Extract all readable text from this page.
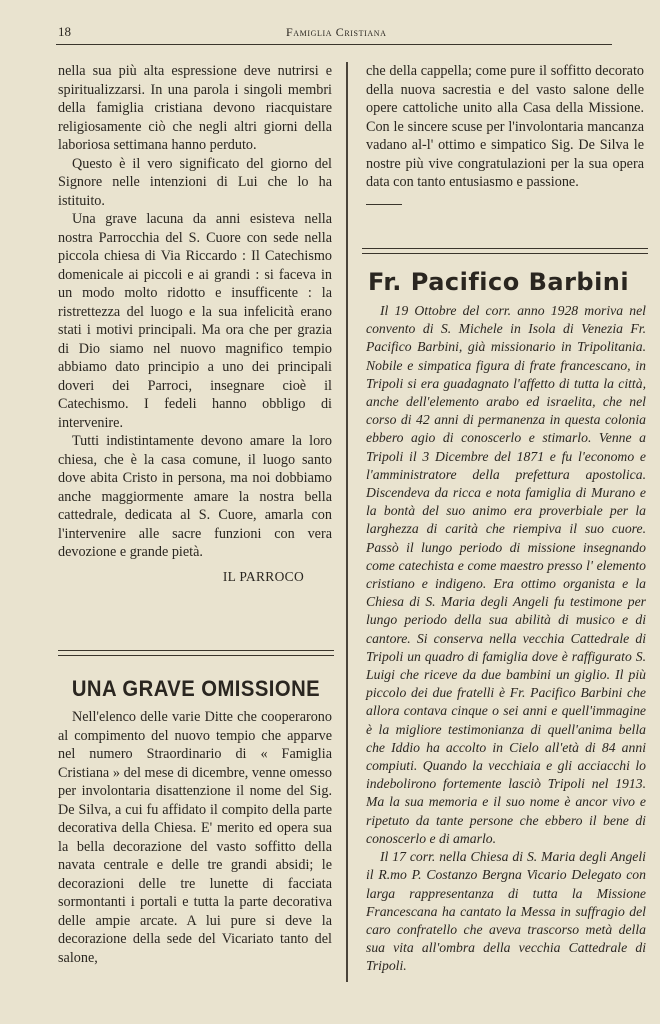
18	Famiglia Cristiana

nella sua più alta espressione deve nutrirsi e spiritualizzarsi. In una parola i singoli membri della famiglia cristiana devono riacquistare religiosamente ciò che negli altri giorni della laboriosa settimana hanno perduto.

Questo è il vero significato del giorno del Signore nelle intenzioni di Lui che lo ha istituito.

Una grave lacuna da anni esisteva nella nostra Parrocchia del S. Cuore con sede nella piccola chiesa di Via Riccardo : Il Catechismo domenicale ai piccoli e ai grandi : si faceva in un modo molto ridotto e insufficente : la ristrettezza del luogo e la sua infelicità erano stati i motivi principali. Ma ora che per grazia di Dio siamo nel nuovo magnifico tempio abbiamo dato principio a uno dei principali doveri dei Parroci, insegnare cioè il Catechismo. I fedeli hanno obbligo di intervenire.

Tutti indistintamente devono amare la loro chiesa, che è la casa comune, il luogo santo dove abita Cristo in persona, ma noi dobbiamo anche maggiormente amare la nostra bella cattedrale, dedicata al S. Cuore, amarla con l'intervenire alle sacre funzioni con vera devozione e grande pietà.

IL PARROCO
UNA GRAVE OMISSIONE

Nell'elenco delle varie Ditte che cooperarono al compimento del nuovo tempio che apparve nel numero Straordinario di « Famiglia Cristiana » del mese di dicembre, venne omesso per involontaria disattenzione il nome del Sig. De Silva, a cui fu affidato il compito della parte decorativa della Chiesa. E' merito ed opera sua la bella decorazione del vasto soffitto della navata centrale e delle tre grandi absidi; le decorazioni delle tre lunette di facciata sormontanti i portali e tutta la parte decorativa delle ampie arcate. A lui pure si deve la decorazione della sede del Vicariato tanto del salone,

che della cappella; come pure il soffitto decorato della nuova sacrestia e del vasto salone delle opere cattoliche unito alla Casa della Missione. Con le sincere scuse per l'involontaria mancanza vadano al-l' ottimo e simpatico Sig. De Silva le nostre più vive congratulazioni per la sua opera data con tanto entusiasmo e passione.

Fr. Pacifico Barbini

Il 19 Ottobre del corr. anno 1928 moriva nel convento di S. Michele in Isola di Venezia Fr. Pacifico Barbini, già missionario in Tripolitania. Nobile e simpatica figura di frate francescano, in Tripoli si era guadagnato l'affetto di tutta la città, anche dell'elemento arabo ed israelita, che nel corso di 42 anni di permanenza in questa colonia ebbero agio di conoscerlo e stimarlo. Venne a Tripoli il 3 Dicembre del 1871 e fu l'economo e l'amministratore della prefettura apostolica. Discendeva da ricca e nota famiglia di Murano e la bontà del suo animo era proverbiale per la larghezza di carità che riempiva il suo cuore. Passò il lungo periodo di missione insegnando come catechista e come maestro presso l' elemento cristiano e indigeno. Era ottimo organista e la Chiesa di S. Maria degli Angeli fu testimone per lungo periodo della sua abilità di musico e di cantore. Si conserva nella vecchia Cattedrale di Tripoli un quadro di famiglia dove è raffigurato S. Luigi che riceve da due bambini un giglio. Il più piccolo dei due fratelli è Fr. Pacifico Barbini che allora contava cinque o sei anni e quell'immagine è la migliore testimonianza di quell'anima bella che Iddio ha accolto in Cielo all'età di 84 anni compiuti. Quando la vecchiaia e gli acciacchi lo indebolirono fortemente lasciò Tripoli nel 1913. Ma la sua memoria e il suo nome è ancor vivo e ripetuto da tante persone che ebbero il bene di conoscerlo e di amarlo.

Il 17 corr. nella Chiesa di S. Maria degli Angeli il R.mo P. Costanzo Bergna Vicario Delegato con larga rappresentanza di tutta la Missione Francescana ha cantato la Messa in suffragio del caro confratello che aveva trascorso metà della sua vita all'ombra della vecchia Cattedrale di Tripoli.
